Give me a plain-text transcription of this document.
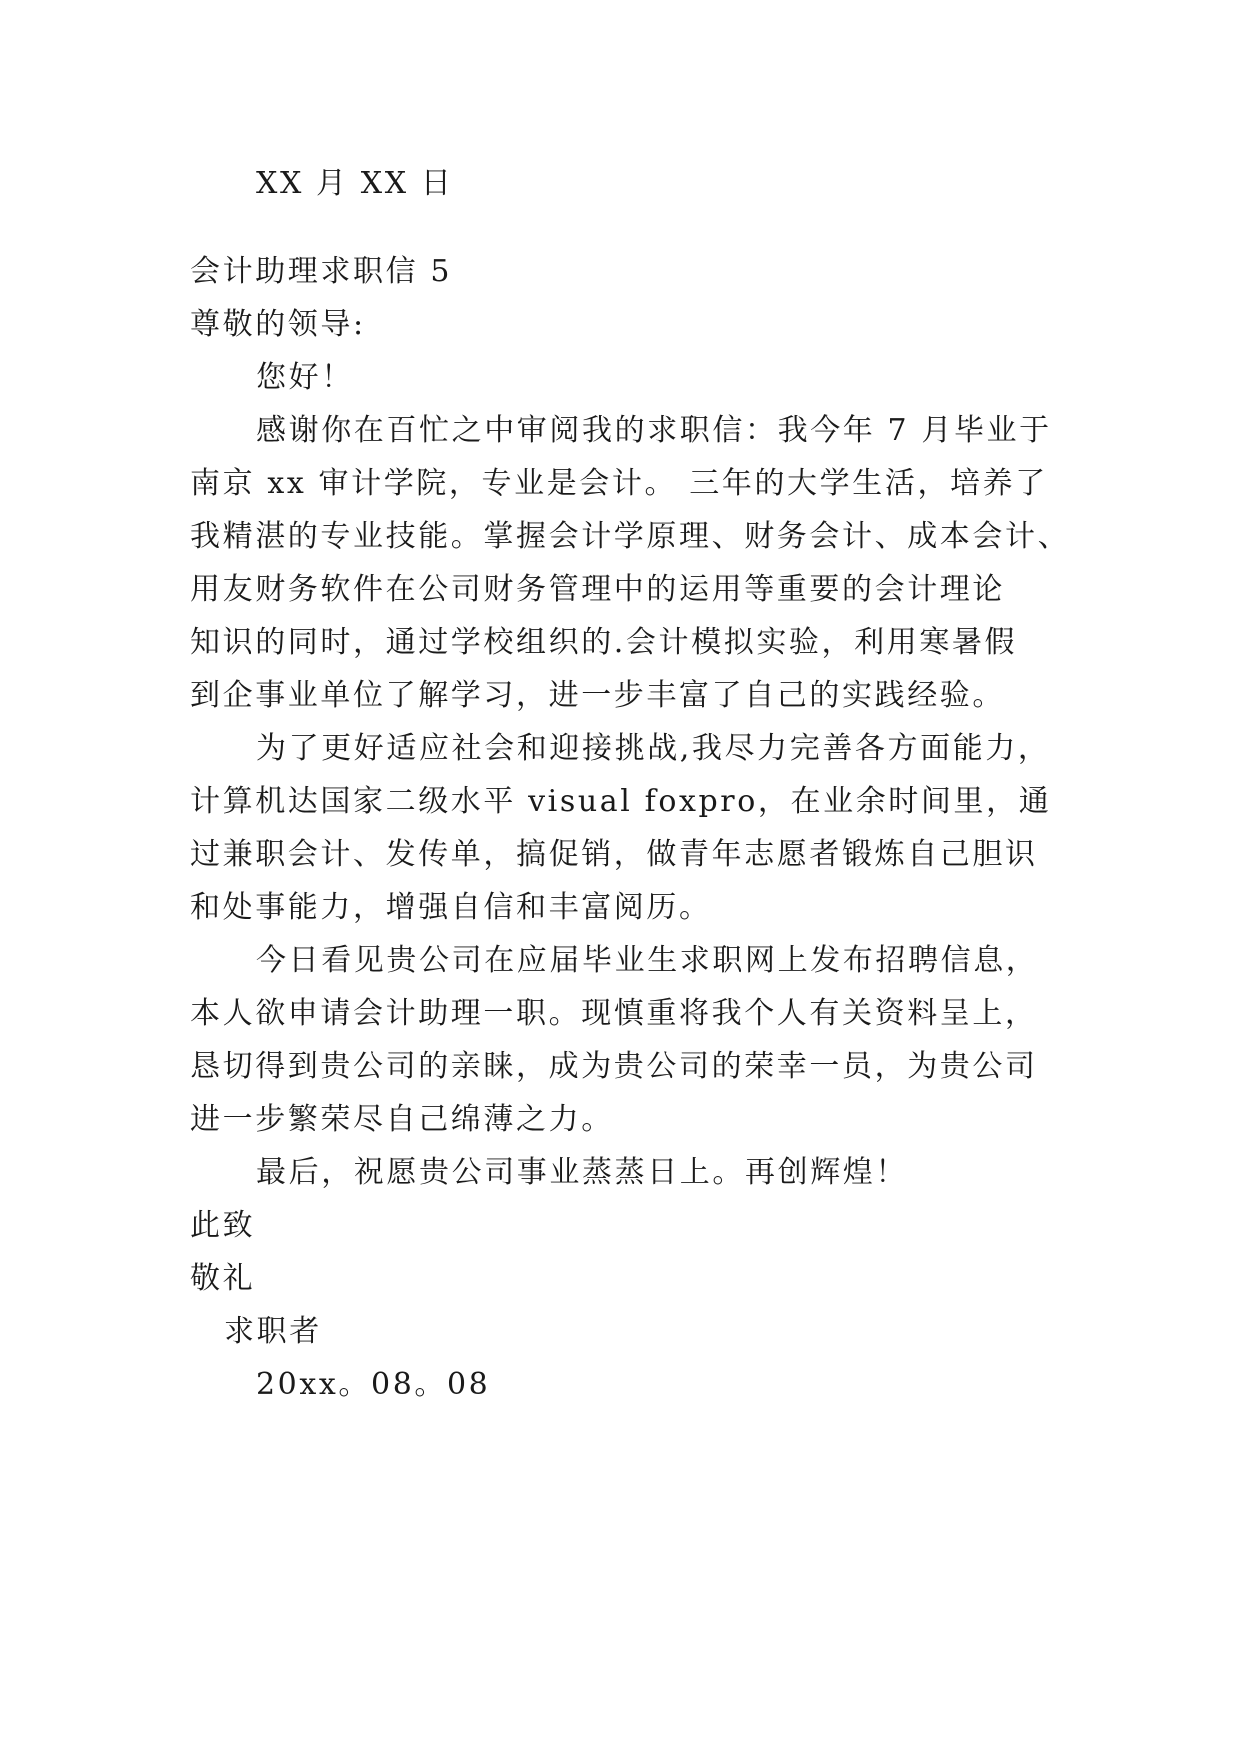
XX 月 XX 日
会计助理求职信 5
尊敬的领导:
您好！
感谢你在百忙之中审阅我的求职信：我今年 7 月毕业于
南京 xx 审计学院，专业是会计。 三年的大学生活，培养了
我精湛的专业技能。掌握会计学原理、财务会计、成本会计、
用友财务软件在公司财务管理中的运用等重要的会计理论
知识的同时，通过学校组织的.会计模拟实验，利用寒暑假
到企事业单位了解学习，进一步丰富了自己的实践经验。
为了更好适应社会和迎接挑战,我尽力完善各方面能力，
计算机达国家二级水平 visual foxpro，在业余时间里，通
过兼职会计、发传单，搞促销，做青年志愿者锻炼自己胆识
和处事能力，增强自信和丰富阅历。
今日看见贵公司在应届毕业生求职网上发布招聘信息，
本人欲申请会计助理一职。现慎重将我个人有关资料呈上，
恳切得到贵公司的亲睐，成为贵公司的荣幸一员，为贵公司
进一步繁荣尽自己绵薄之力。
最后，祝愿贵公司事业蒸蒸日上。再创辉煌！
此致
敬礼
求职者
20xx。08。08
